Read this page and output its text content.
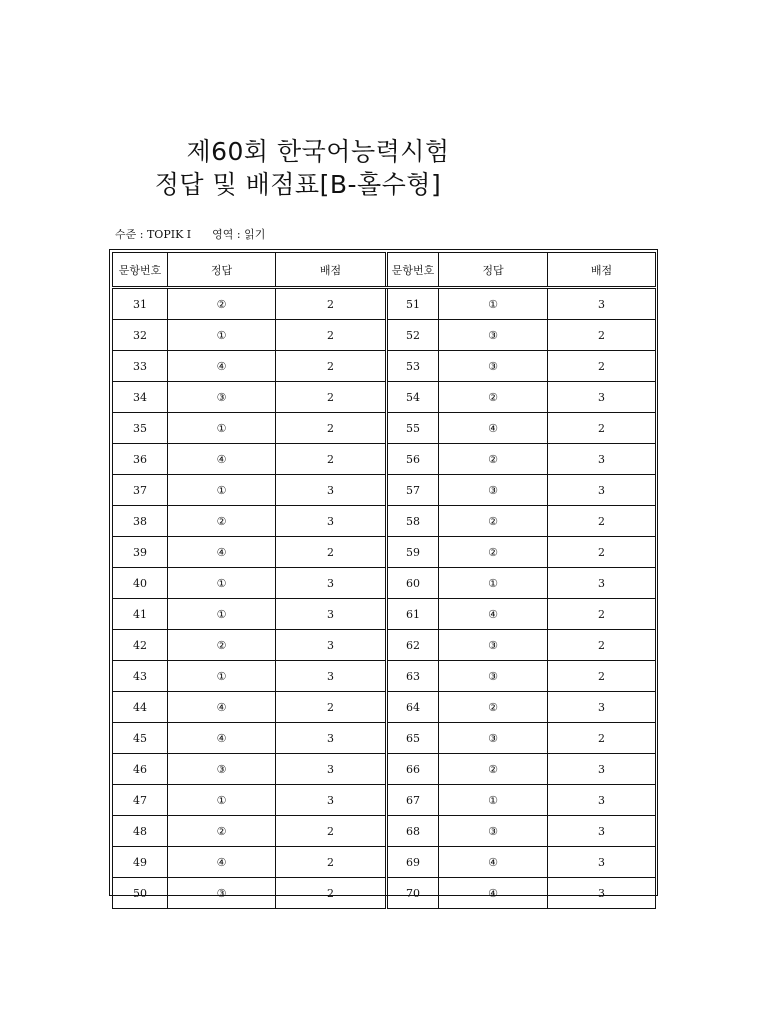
제60회 한국어능력시험
정답 및 배점표[B-홀수형]
수준 : TOPIK I 영역 : 읽기
문항번호	정답	배점	문항번호	정답	배점
31	②	2	51	①	3
32	①	2	52	③	2
33	④	2	53	③	2
34	③	2	54	②	3
35	①	2	55	④	2
36	④	2	56	②	3
37	①	3	57	③	3
38	②	3	58	②	2
39	④	2	59	②	2
40	①	3	60	①	3
41	①	3	61	④	2
42	②	3	62	③	2
43	①	3	63	③	2
44	④	2	64	②	3
45	④	3	65	③	2
46	③	3	66	②	3
47	①	3	67	①	3
48	②	2	68	③	3
49	④	2	69	④	3
50	③	2	70	④	3
